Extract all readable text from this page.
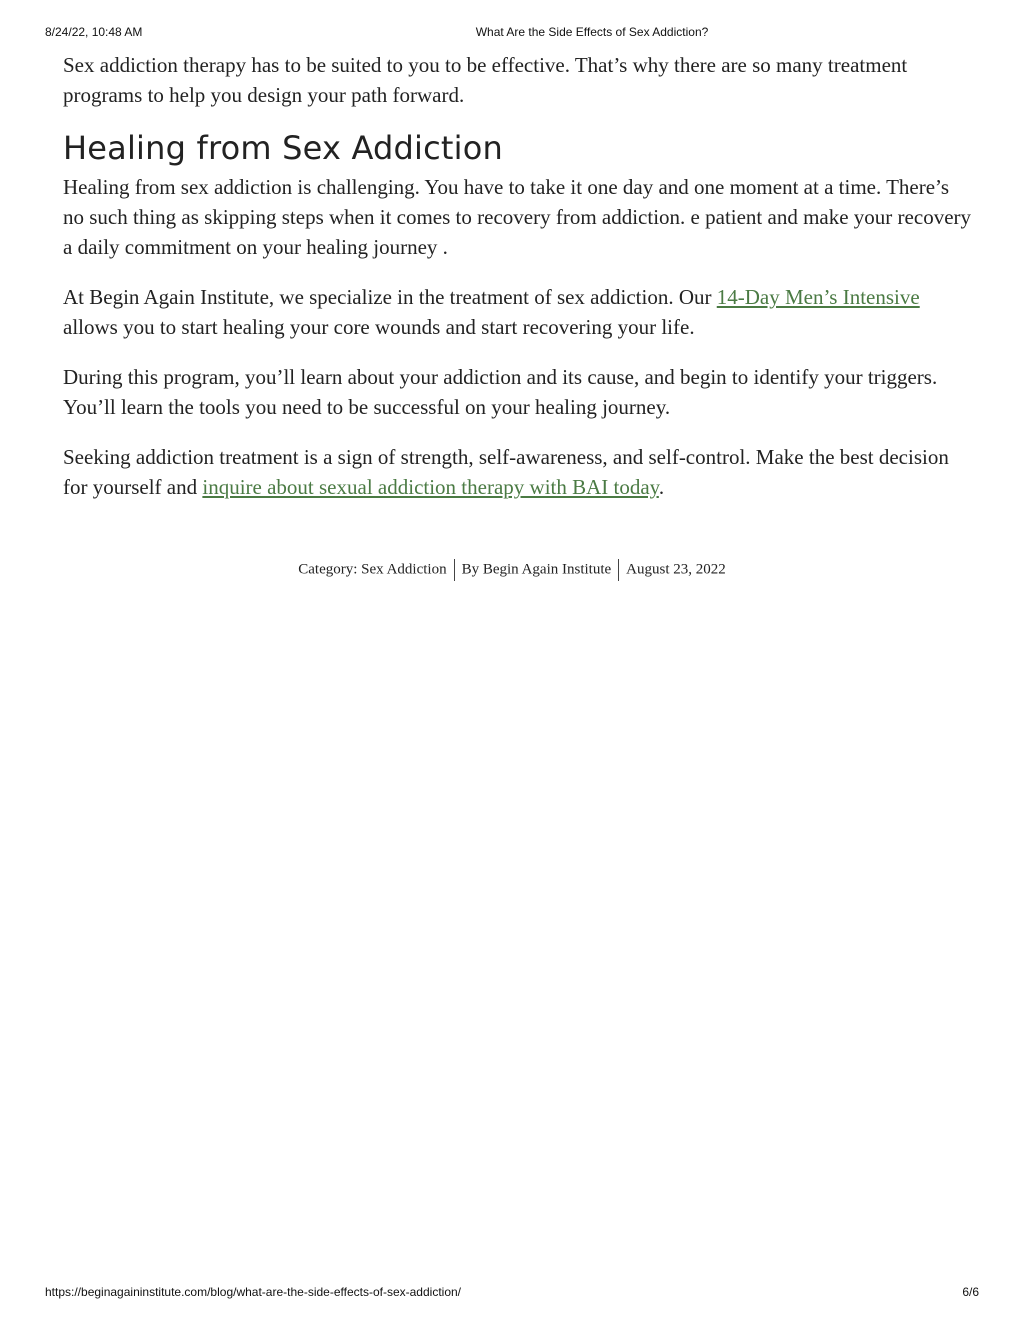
8/24/22, 10:48 AM	What Are the Side Effects of Sex Addiction?

Sex addiction therapy has to be suited to you to be effective. That’s why there are so many treatment programs to help you design your path forward.

Healing from Sex Addiction

Healing from sex addiction is challenging. You have to take it one day and one moment at a time. There’s no such thing as skipping steps when it comes to recovery from addiction. e patient and make your recovery a daily commitment on your healing journey .

At Begin Again Institute, we specialize in the treatment of sex addiction. Our 14-Day Men’s Intensive allows you to start healing your core wounds and start recovering your life.

During this program, you’ll learn about your addiction and its cause, and begin to identify your triggers. You’ll learn the tools you need to be successful on your healing journey.

Seeking addiction treatment is a sign of strength, self-awareness, and self-control. Make the best decision for yourself and inquire about sexual addiction therapy with BAI today.

Category: Sex Addiction By Begin Again Institute August 23, 2022
https://beginagaininstitute.com/blog/what-are-the-side-effects-of-sex-addiction/	6/6
